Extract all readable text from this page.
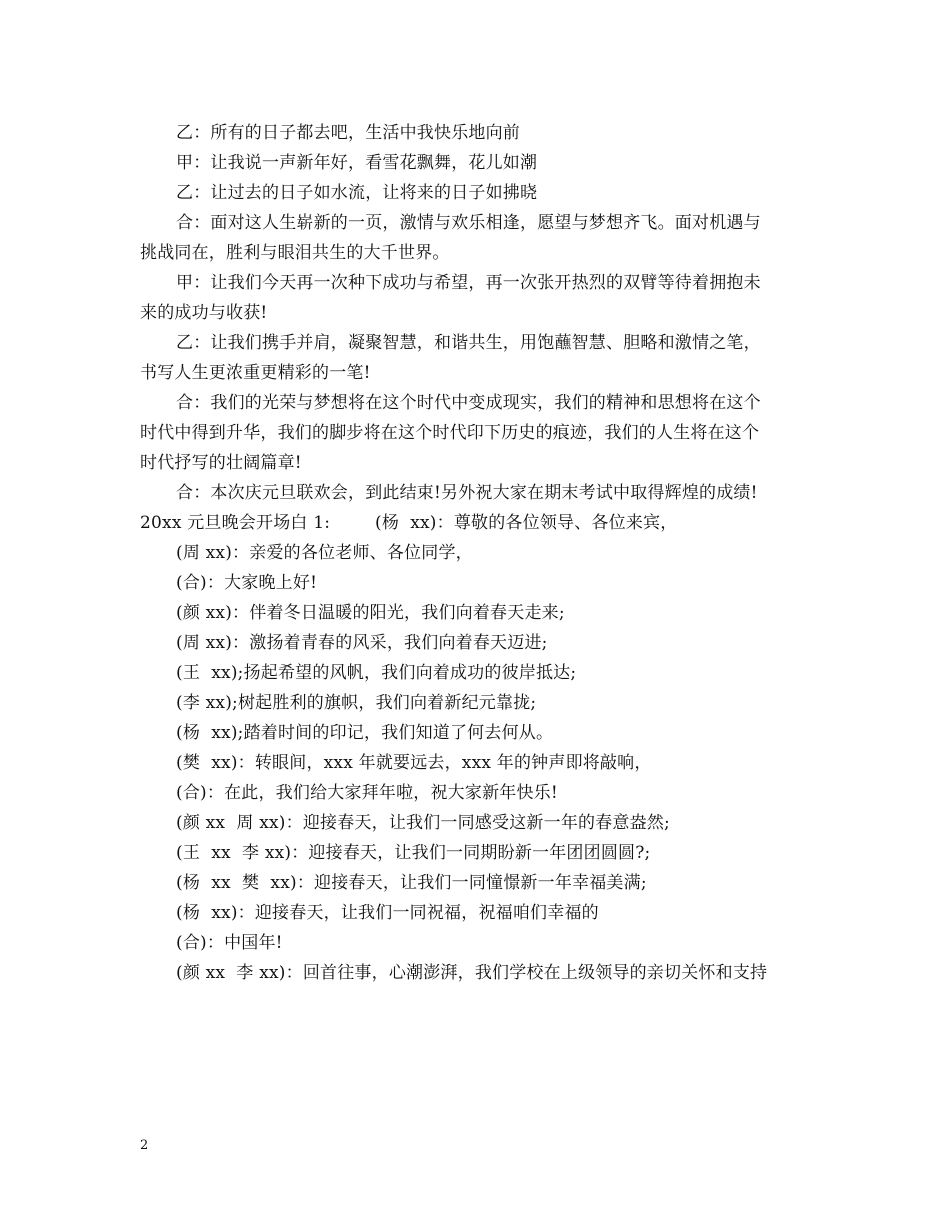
乙：所有的日子都去吧，生活中我快乐地向前
甲：让我说一声新年好，看雪花飘舞，花儿如潮
乙：让过去的日子如水流，让将来的日子如拂晓
合：面对这人生崭新的一页，激情与欢乐相逢，愿望与梦想齐飞。面对机遇与
挑战同在，胜利与眼泪共生的大千世界。
甲：让我们今天再一次种下成功与希望，再一次张开热烈的双臂等待着拥抱未
来的成功与收获!
乙：让我们携手并肩，凝聚智慧，和谐共生，用饱蘸智慧、胆略和激情之笔，
书写人生更浓重更精彩的一笔!
合：我们的光荣与梦想将在这个时代中变成现实，我们的精神和思想将在这个
时代中得到升华，我们的脚步将在这个时代印下历史的痕迹，我们的人生将在这个
时代抒写的壮阔篇章!
合：本次庆元旦联欢会，到此结束!另外祝大家在期末考试中取得辉煌的成绩!
20xx 元旦晚会开场白 1:        (杨  xx)：尊敬的各位领导、各位来宾，
(周 xx)：亲爱的各位老师、各位同学，
(合)：大家晚上好!
(颜 xx)：伴着冬日温暖的阳光，我们向着春天走来;
(周 xx)：激扬着青春的风采，我们向着春天迈进;
(王  xx);扬起希望的风帆，我们向着成功的彼岸抵达;
(李 xx);树起胜利的旗帜，我们向着新纪元靠拢;
(杨  xx);踏着时间的印记，我们知道了何去何从。
(樊  xx)：转眼间，xxx 年就要远去，xxx 年的钟声即将敲响，
(合)：在此，我们给大家拜年啦，祝大家新年快乐!
(颜 xx  周 xx)：迎接春天，让我们一同感受这新一年的春意盎然;
(王  xx  李 xx)：迎接春天，让我们一同期盼新一年团团圆圆?;
(杨  xx  樊  xx)：迎接春天，让我们一同憧憬新一年幸福美满;
(杨  xx)：迎接春天，让我们一同祝福，祝福咱们幸福的
(合)：中国年!
(颜 xx  李 xx)：回首往事，心潮澎湃，我们学校在上级领导的亲切关怀和支持
2
